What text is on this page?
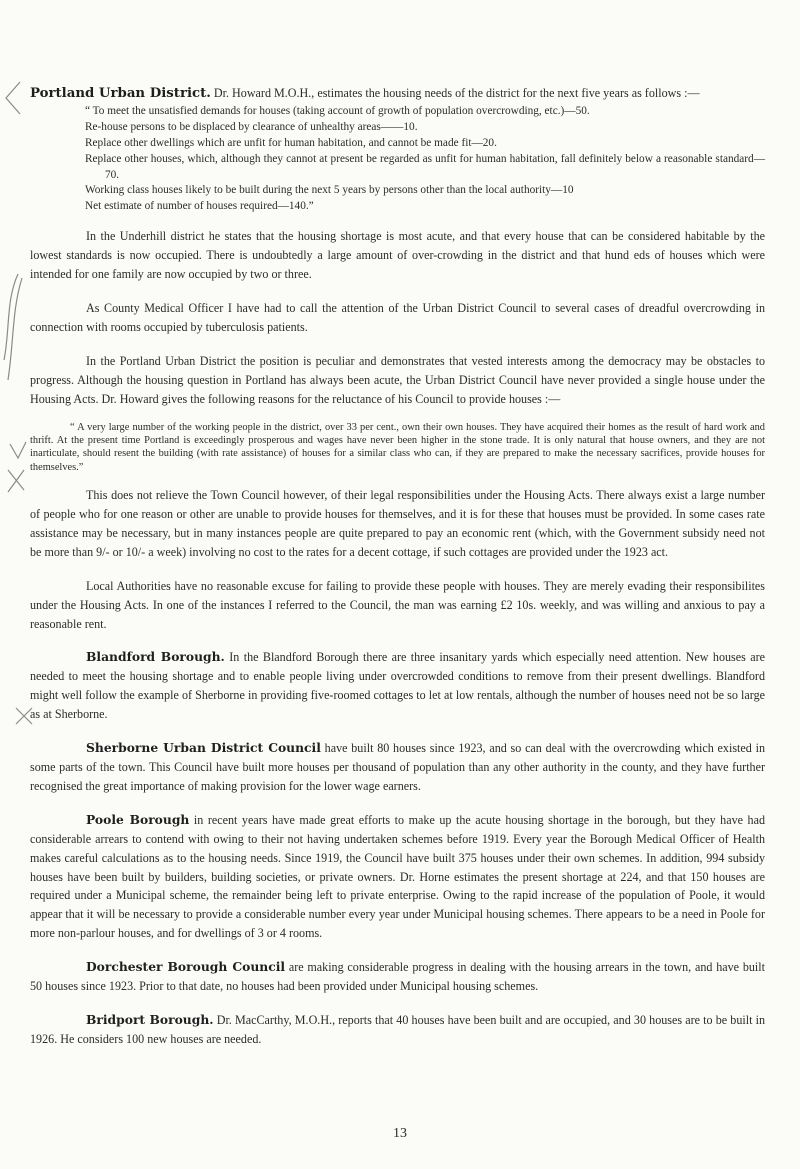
Portland Urban District. Dr. Howard M.O.H., estimates the housing needs of the district for the next five years as follows :—

“ To meet the unsatisfied demands for houses (taking account of growth of population overcrowding, etc.)—50.

Re-house persons to be displaced by clearance of unhealthy areas——10.

Replace other dwellings which are unfit for human habitation, and cannot be made fit—20.

Replace other houses, which, although they cannot at present be regarded as unfit for human habitation, fall definitely below a reasonable standard—70.

Working class houses likely to be built during the next 5 years by persons other than the local authority—10

Net estimate of number of houses required—140.”

In the Underhill district he states that the housing shortage is most acute, and that every house that can be considered habitable by the lowest standards is now occupied. There is undoubtedly a large amount of over-crowding in the district and that hund eds of houses which were intended for one family are now occupied by two or three.

As County Medical Officer I have had to call the attention of the Urban District Council to several cases of dreadful overcrowding in connection with rooms occupied by tuberculosis patients.

In the Portland Urban District the position is peculiar and demonstrates that vested interests among the democracy may be obstacles to progress. Although the housing question in Portland has always been acute, the Urban District Council have never provided a single house under the Housing Acts. Dr. Howard gives the following reasons for the reluctance of his Council to provide houses :—

“ A very large number of the working people in the district, over 33 per cent., own their own houses. They have acquired their homes as the result of hard work and thrift. At the present time Portland is exceedingly prosperous and wages have never been higher in the stone trade. It is only natural that house owners, and they are not inarticulate, should resent the building (with rate assistance) of houses for a similar class who can, if they are prepared to make the necessary sacrifices, provide houses for themselves.”

This does not relieve the Town Council however, of their legal responsibilities under the Housing Acts. There always exist a large number of people who for one reason or other are unable to provide houses for themselves, and it is for these that houses must be provided. In some cases rate assistance may be necessary, but in many instances people are quite prepared to pay an economic rent (which, with the Government subsidy need not be more than 9/- or 10/- a week) involving no cost to the rates for a decent cottage, if such cottages are provided under the 1923 act.

Local Authorities have no reasonable excuse for failing to provide these people with houses. They are merely evading their responsibilites under the Housing Acts. In one of the instances I referred to the Council, the man was earning £2 10s. weekly, and was willing and anxious to pay a reasonable rent.

Blandford Borough. In the Blandford Borough there are three insanitary yards which especially need attention. New houses are needed to meet the housing shortage and to enable people living under overcrowded conditions to remove from their present dwellings. Blandford might well follow the example of Sherborne in providing five-roomed cottages to let at low rentals, although the number of houses need not be so large as at Sherborne.

Sherborne Urban District Council have built 80 houses since 1923, and so can deal with the overcrowding which existed in some parts of the town. This Council have built more houses per thousand of population than any other authority in the county, and they have further recognised the great importance of making provision for the lower wage earners.

Poole Borough in recent years have made great efforts to make up the acute housing shortage in the borough, but they have had considerable arrears to contend with owing to their not having undertaken schemes before 1919. Every year the Borough Medical Officer of Health makes careful calculations as to the housing needs. Since 1919, the Council have built 375 houses under their own schemes. In addition, 994 subsidy houses have been built by builders, building societies, or private owners. Dr. Horne estimates the present shortage at 224, and that 150 houses are required under a Municipal scheme, the remainder being left to private enterprise. Owing to the rapid increase of the population of Poole, it would appear that it will be necessary to provide a considerable number every year under Municipal housing schemes. There appears to be a need in Poole for more non-parlour houses, and for dwellings of 3 or 4 rooms.

Dorchester Borough Council are making considerable progress in dealing with the housing arrears in the town, and have built 50 houses since 1923. Prior to that date, no houses had been provided under Municipal housing schemes.

Bridport Borough. Dr. MacCarthy, M.O.H., reports that 40 houses have been built and are occupied, and 30 houses are to be built in 1926. He considers 100 new houses are needed.

13
